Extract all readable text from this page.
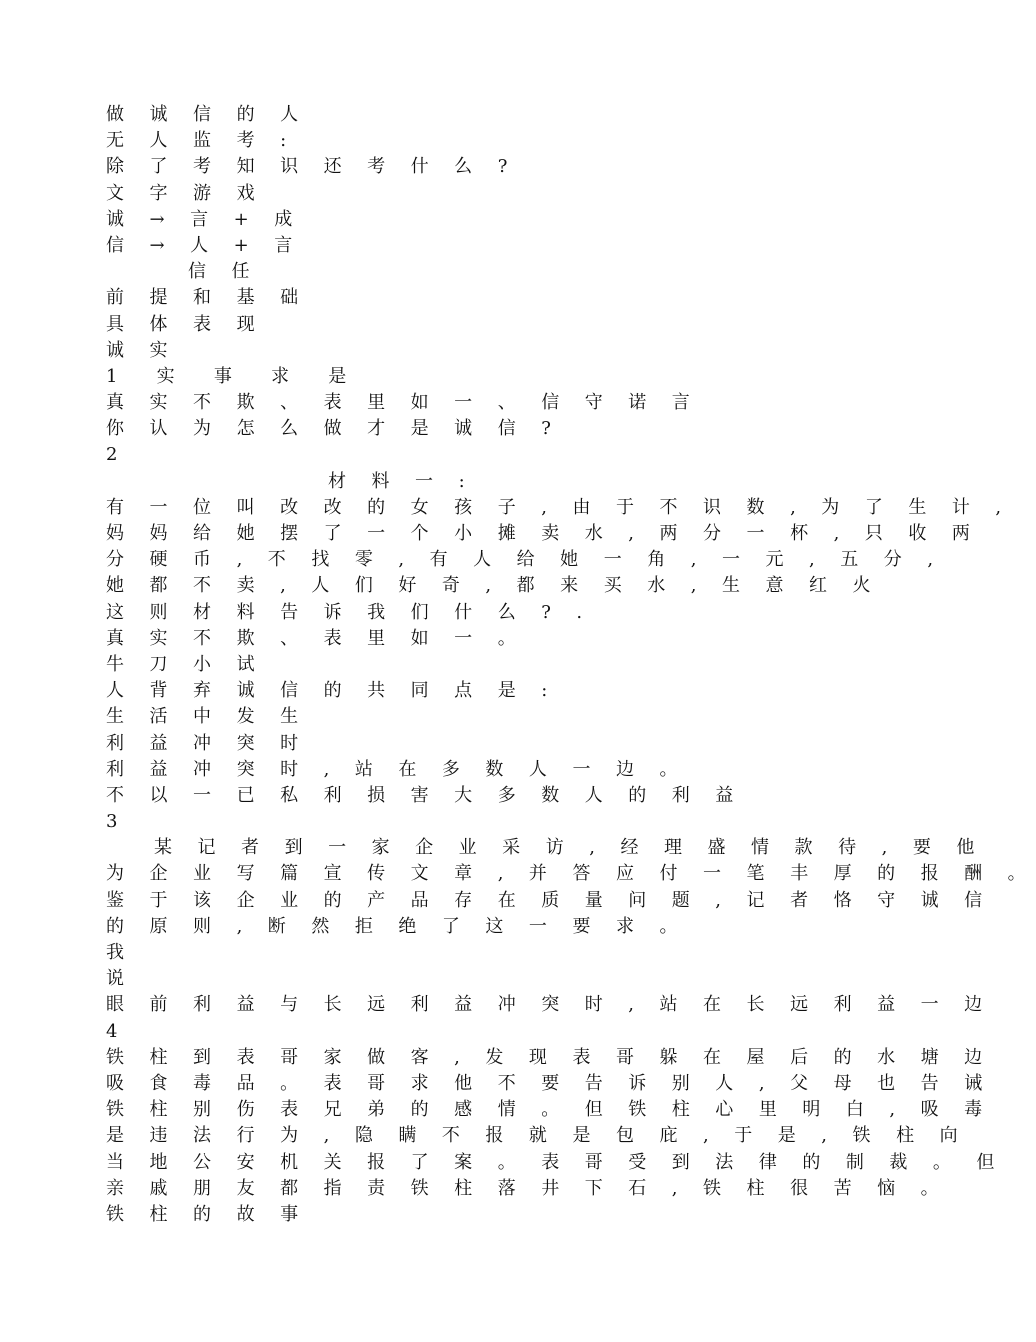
做 诚 信 的 人
无 人 监 考 :
除 了 考 知 识 还 考 什 么 ?
文 字 游 戏
诚 → 言 + 成
信 → 人 + 言
信 任
前 提 和 基 础
具 体 表 现
诚 实
1 实 事 求 是
真 实 不 欺 、 表 里 如 一 、 信 守 诺 言
你 认 为 怎 么 做 才 是 诚 信 ?
2
材 料 一 :
有 一 位 叫 改 改 的 女 孩 子 , 由 于 不 识 数 , 为 了 生 计 ,
妈 妈 给 她 摆 了 一 个 小 摊 卖 水 , 两 分 一 杯 , 只 收 两
分 硬 币 , 不 找 零 , 有 人 给 她 一 角 , 一 元 , 五 分 ,
她 都 不 卖 , 人 们 好 奇 , 都 来 买 水 , 生 意 红 火
这 则 材 料 告 诉 我 们 什 么 ? .
真 实 不 欺 、 表 里 如 一 。
牛 刀 小 试
人 背 弃 诚 信 的 共 同 点 是 :
生 活 中 发 生
利 益 冲 突 时
利 益 冲 突 时 , 站 在 多 数 人 一 边 。
不 以 一 已 私 利 损 害 大 多 数 人 的 利 益
3
某 记 者 到 一 家 企 业 采 访 , 经 理 盛 情 款 待 , 要 他
为 企 业 写 篇 宣 传 文 章 , 并 答 应 付 一 笔 丰 厚 的 报 酬 。
鉴 于 该 企 业 的 产 品 存 在 质 量 问 题 , 记 者 恪 守 诚 信
的 原 则 , 断 然 拒 绝 了 这 一 要 求 。
我
说
眼 前 利 益 与 长 远 利 益 冲 突 时 , 站 在 长 远 利 益 一 边
4
铁 柱 到 表 哥 家 做 客 , 发 现 表 哥 躲 在 屋 后 的 水 塘 边
吸 食 毒 品 。 表 哥 求 他 不 要 告 诉 别 人 , 父 母 也 告 诫
铁 柱 别 伤 表 兄 弟 的 感 情 。 但 铁 柱 心 里 明 白 , 吸 毒
是 违 法 行 为 , 隐 瞒 不 报 就 是 包 庇 , 于 是 , 铁 柱 向
当 地 公 安 机 关 报 了 案 。 表 哥 受 到 法 律 的 制 裁 。 但
亲 戚 朋 友 都 指 责 铁 柱 落 井 下 石 , 铁 柱 很 苦 恼 。
铁 柱 的 故 事
